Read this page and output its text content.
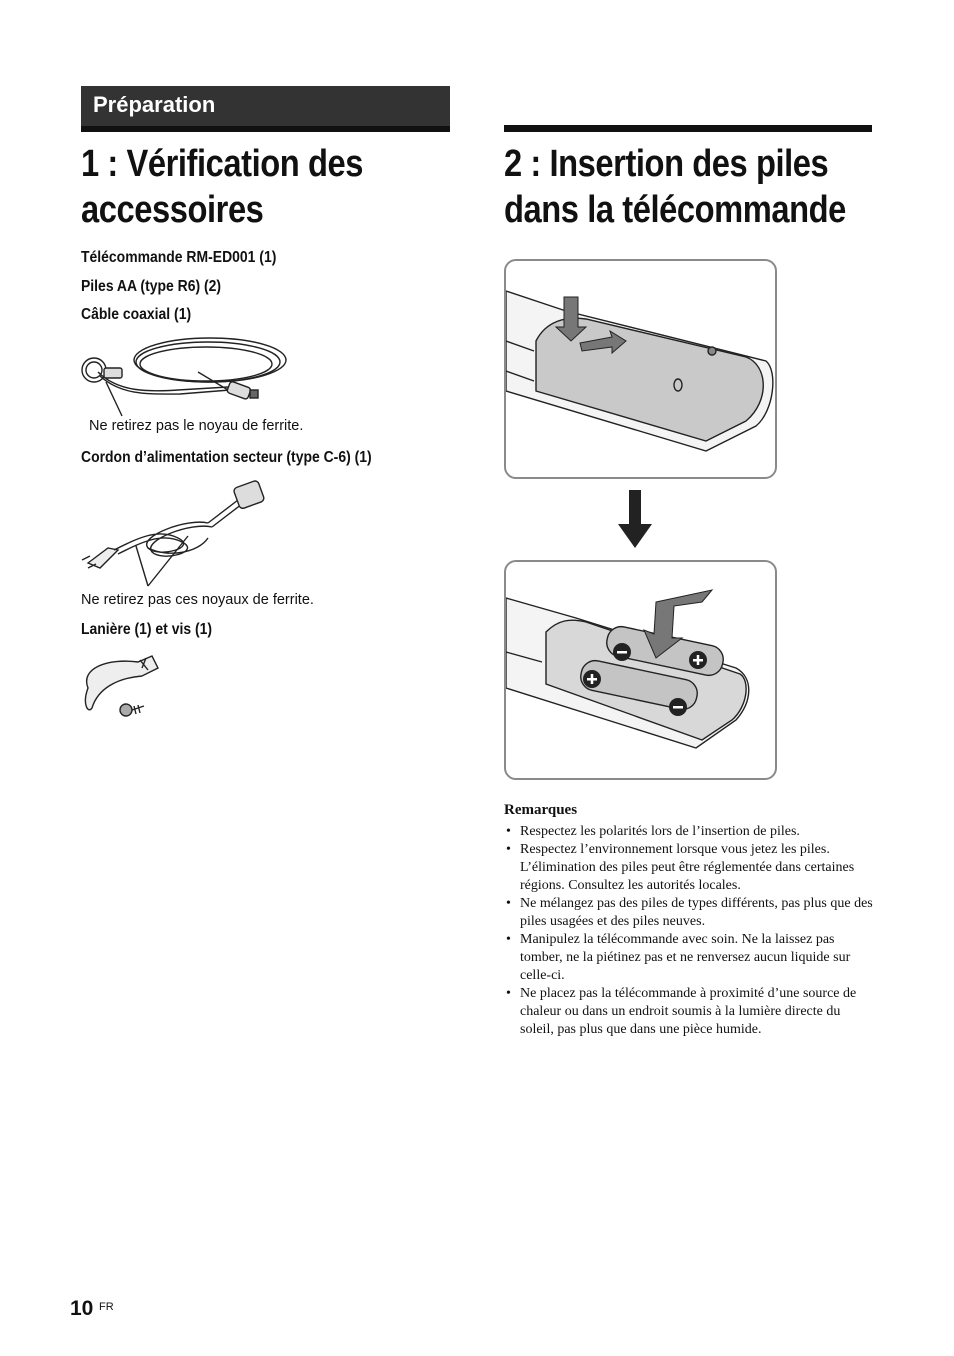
Préparation
1 : Vérification des
accessoires
2 : Insertion des piles
dans la télécommande

Télécommande RM-ED001 (1)

Piles AA (type R6) (2)

Câble coaxial (1)

Ne retirez pas le noyau de ferrite.

Cordon d’alimentation secteur (type C-6) (1)

Ne retirez pas ces noyaux de ferrite.

Lanière (1) et vis (1)

Remarques
• Respectez les polarités lors de l’insertion de piles.
• Respectez l’environnement lorsque vous jetez les piles. L’élimination des piles peut être réglementée dans certaines régions. Consultez les autorités locales.
• Ne mélangez pas des piles de types différents, pas plus que des piles usagées et des piles neuves.
• Manipulez la télécommande avec soin. Ne la laissez pas tomber, ne la piétinez pas et ne renversez aucun liquide sur celle-ci.
• Ne placez pas la télécommande à proximité d’une source de chaleur ou dans un endroit soumis à la lumière directe du soleil, pas plus que dans une pièce humide.
10 FR
